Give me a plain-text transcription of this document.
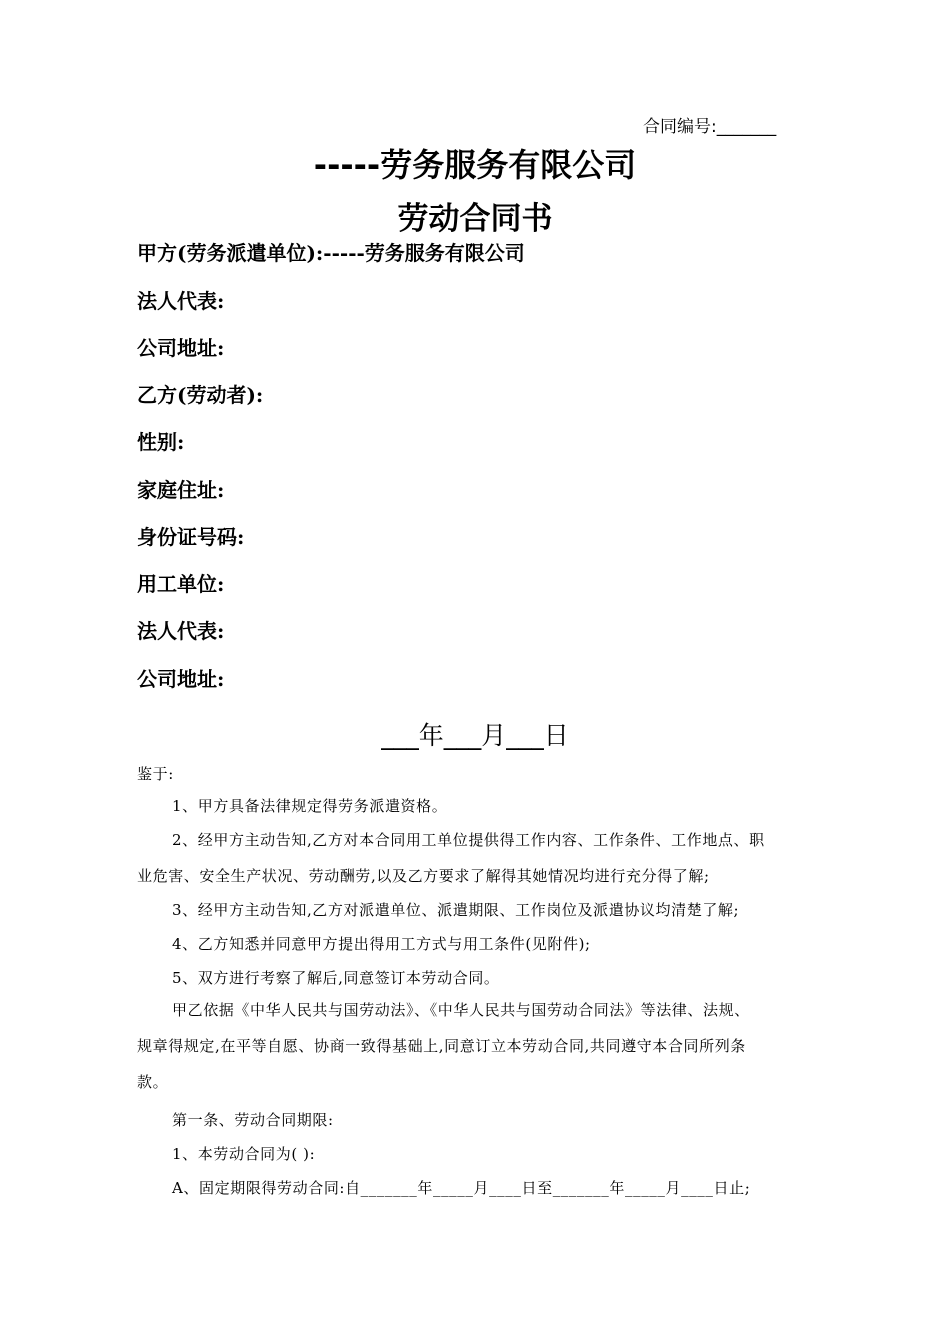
合同编号:_______
-----劳务服务有限公司
劳动合同书
甲方(劳务派遣单位):-----劳务服务有限公司
法人代表:
公司地址:
乙方(劳动者):
性别:
家庭住址:
身份证号码:
用工单位:
法人代表:
公司地址:
___年___月___日
鉴于:
1、甲方具备法律规定得劳务派遣资格。
2、经甲方主动告知,乙方对本合同用工单位提供得工作内容、工作条件、工作地点、职
业危害、安全生产状况、劳动酬劳,以及乙方要求了解得其她情况均进行充分得了解;
3、经甲方主动告知,乙方对派遣单位、派遣期限、工作岗位及派遣协议均清楚了解;
4、乙方知悉并同意甲方提出得用工方式与用工条件(见附件);
5、双方进行考察了解后,同意签订本劳动合同。
甲乙依据《中华人民共与国劳动法》、《中华人民共与国劳动合同法》等法律、法规、
规章得规定,在平等自愿、协商一致得基础上,同意订立本劳动合同,共同遵守本合同所列条
款。
第一条、劳动合同期限:
1、本劳动合同为( ):
A、固定期限得劳动合同:自_______年_____月____日至_______年_____月____日止;
